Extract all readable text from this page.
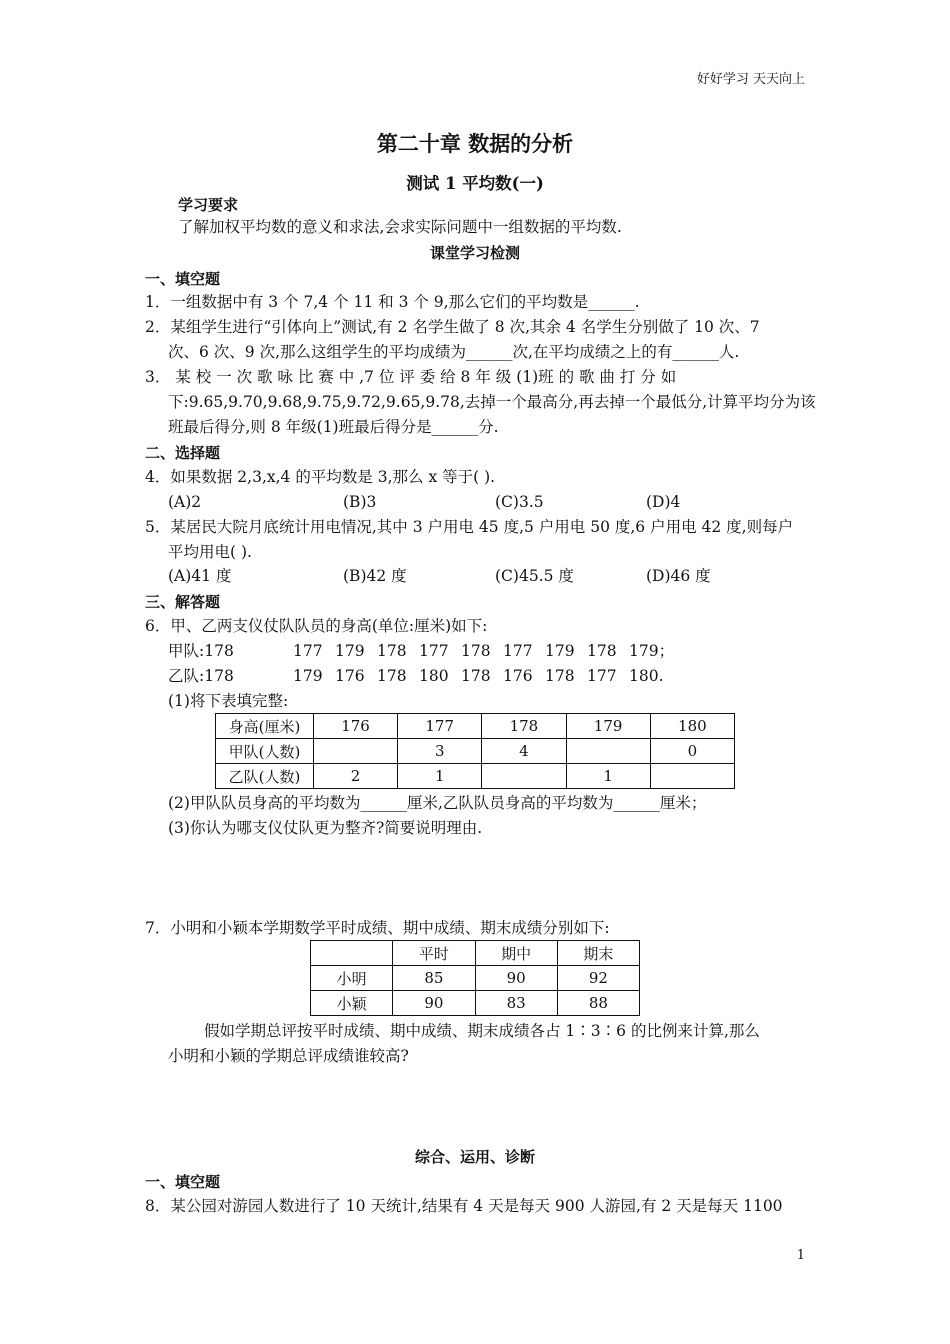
好好学习 天天向上
第二十章 数据的分析
测试 1 平均数(一)
学习要求
了解加权平均数的意义和求法,会求实际问题中一组数据的平均数.
课堂学习检测
一、填空题
1．一组数据中有 3 个 7,4 个 11 和 3 个 9,那么它们的平均数是______.
2．某组学生进行“引体向上”测试,有 2 名学生做了 8 次,其余 4 名学生分别做了 10 次、7
次、6 次、9 次,那么这组学生的平均成绩为______次,在平均成绩之上的有______人.
3． 某 校 一 次 歌 咏 比 赛 中 ,7 位 评 委 给 8 年 级 (1)班 的 歌 曲 打 分 如
下:9.65,9.70,9.68,9.75,9.72,9.65,9.78,去掉一个最高分,再去掉一个最低分,计算平均分为该
班最后得分,则 8 年级(1)班最后得分是______分.
二、选择题
4．如果数据 2,3,x,4 的平均数是 3,那么 x 等于( ).
(A)2	(B)3	(C)3.5	(D)4
5．某居民大院月底统计用电情况,其中 3 户用电 45 度,5 户用电 50 度,6 户用电 42 度,则每户
平均用电( ).
(A)41 度	(B)42 度	(C)45.5 度	(D)46 度
三、解答题
6．甲、乙两支仪仗队队员的身高(单位:厘米)如下:
甲队:178	177 179 178 177 178 177 179 178 179；
乙队:178	179 176 178 180 178 176 178 177 180.
(1)将下表填完整:
身高(厘米)	176	177	178	179	180
甲队(人数)		3	4		0
乙队(人数)	2	1		1	
(2)甲队队员身高的平均数为______厘米,乙队队员身高的平均数为______厘米；
(3)你认为哪支仪仗队更为整齐?简要说明理由.
7．小明和小颖本学期数学平时成绩、期中成绩、期末成绩分别如下:
	平时	期中	期末
小明	85	90	92
小颖	90	83	88
假如学期总评按平时成绩、期中成绩、期末成绩各占 1∶3∶6 的比例来计算,那么
小明和小颖的学期总评成绩谁较高?
综合、运用、诊断
一、填空题
8．某公园对游园人数进行了 10 天统计,结果有 4 天是每天 900 人游园,有 2 天是每天 1100
1
